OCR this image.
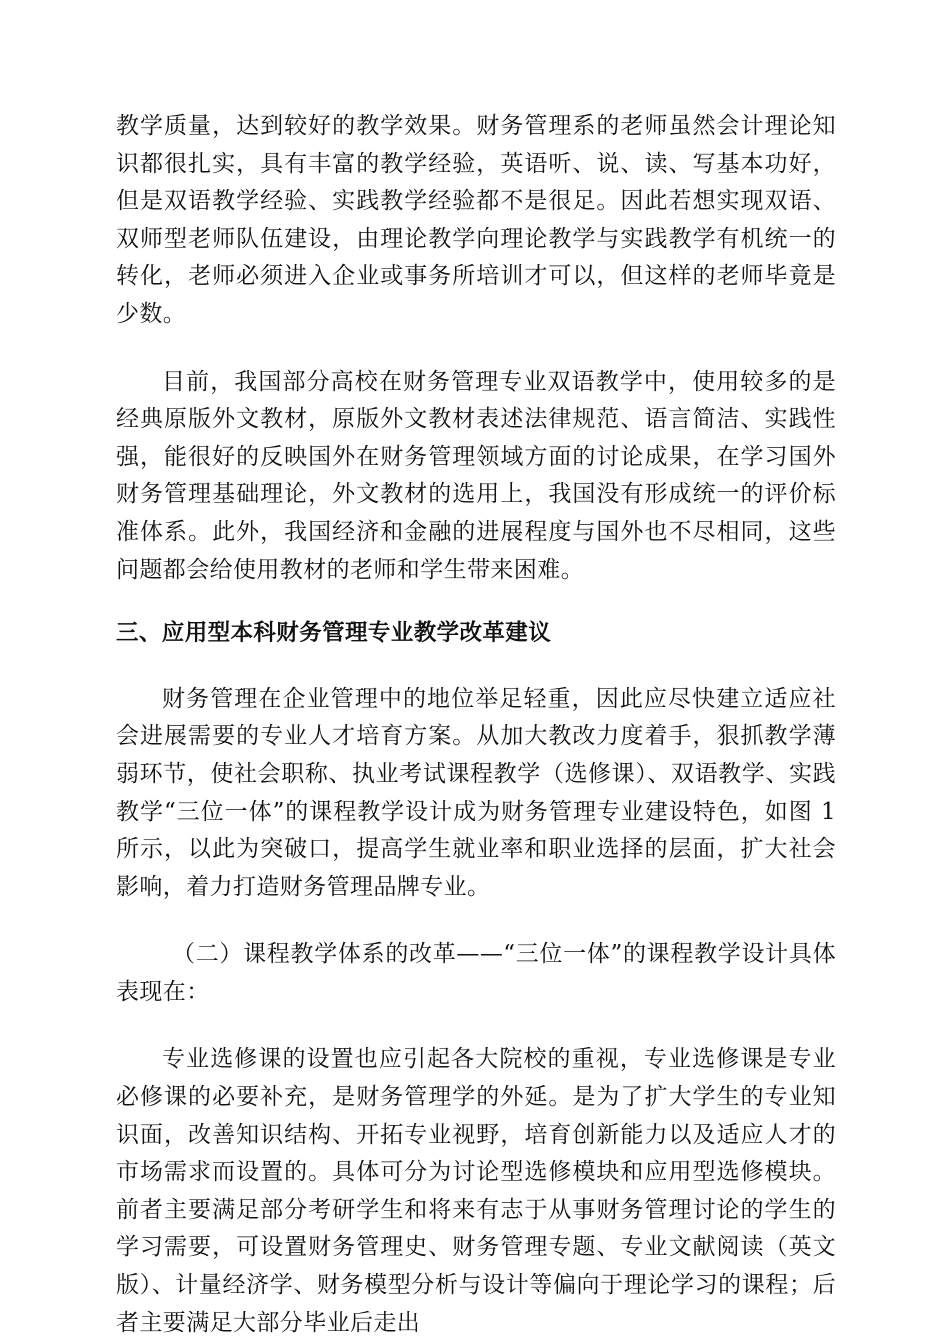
教学质量，达到较好的教学效果。财务管理系的老师虽然会计理论知识都很扎实，具有丰富的教学经验，英语听、说、读、写基本功好，但是双语教学经验、实践教学经验都不是很足。因此若想实现双语、双师型老师队伍建设，由理论教学向理论教学与实践教学有机统一的转化，老师必须进入企业或事务所培训才可以，但这样的老师毕竟是少数。

目前，我国部分高校在财务管理专业双语教学中，使用较多的是经典原版外文教材，原版外文教材表述法律规范、语言简洁、实践性强，能很好的反映国外在财务管理领域方面的讨论成果，在学习国外财务管理基础理论，外文教材的选用上，我国没有形成统一的评价标准体系。此外，我国经济和金融的进展程度与国外也不尽相同，这些问题都会给使用教材的老师和学生带来困难。

三、应用型本科财务管理专业教学改革建议

财务管理在企业管理中的地位举足轻重，因此应尽快建立适应社会进展需要的专业人才培育方案。从加大教改力度着手，狠抓教学薄弱环节，使社会职称、执业考试课程教学（选修课）、双语教学、实践教学“三位一体”的课程教学设计成为财务管理专业建设特色，如图 1 所示，以此为突破口，提高学生就业率和职业选择的层面，扩大社会影响，着力打造财务管理品牌专业。

（二）课程教学体系的改革——“三位一体”的课程教学设计具体表现在：

专业选修课的设置也应引起各大院校的重视，专业选修课是专业必修课的必要补充，是财务管理学的外延。是为了扩大学生的专业知识面，改善知识结构、开拓专业视野，培育创新能力以及适应人才的市场需求而设置的。具体可分为讨论型选修模块和应用型选修模块。前者主要满足部分考研学生和将来有志于从事财务管理讨论的学生的学习需要，可设置财务管理史、财务管理专题、专业文献阅读（英文版）、计量经济学、财务模型分析与设计等偏向于理论学习的课程；后者主要满足大部分毕业后走出
